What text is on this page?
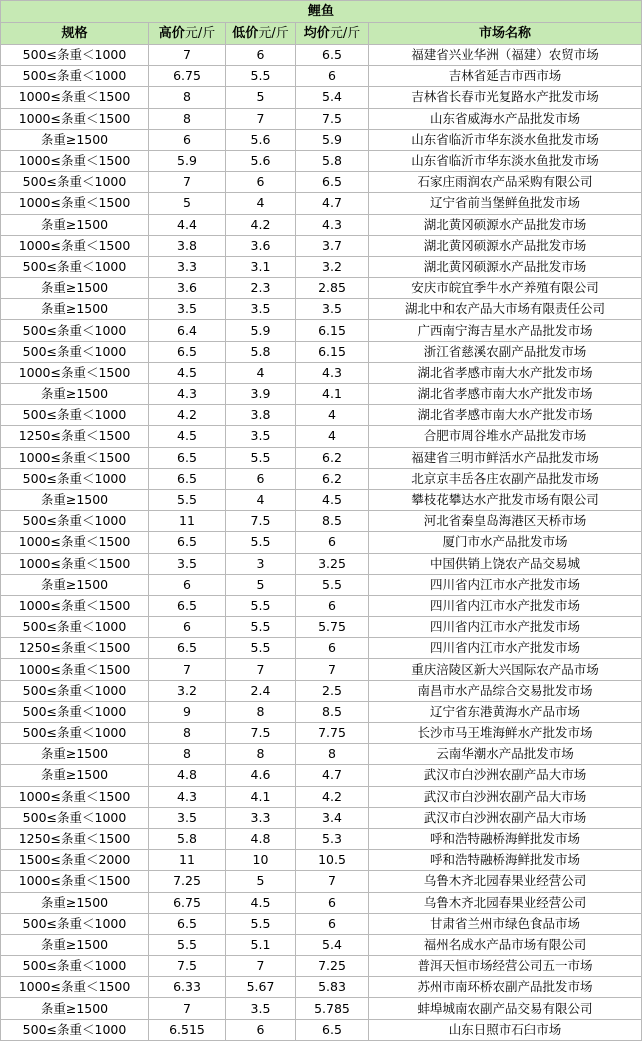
鲤鱼				
规格	高价元/斤	低价元/斤	均价元/斤	市场名称
500≤条重＜1000	7	6	6.5	福建省兴业华洲（福建）农贸市场
500≤条重＜1000	6.75	5.5	6	吉林省延吉市西市场
1000≤条重＜1500	8	5	5.4	吉林省长春市光复路水产批发市场
1000≤条重＜1500	8	7	7.5	山东省威海水产品批发市场
条重≥1500	6	5.6	5.9	山东省临沂市华东淡水鱼批发市场
1000≤条重＜1500	5.9	5.6	5.8	山东省临沂市华东淡水鱼批发市场
500≤条重＜1000	7	6	6.5	石家庄雨润农产品采购有限公司
1000≤条重＜1500	5	4	4.7	辽宁省前当堡鲜鱼批发市场
条重≥1500	4.4	4.2	4.3	湖北黄冈硕源水产品批发市场
1000≤条重＜1500	3.8	3.6	3.7	湖北黄冈硕源水产品批发市场
500≤条重＜1000	3.3	3.1	3.2	湖北黄冈硕源水产品批发市场
条重≥1500	3.6	2.3	2.85	安庆市皖宜季牛水产养殖有限公司
条重≥1500	3.5	3.5	3.5	湖北中和农产品大市场有限责任公司
500≤条重＜1000	6.4	5.9	6.15	广西南宁海吉星水产品批发市场
500≤条重＜1000	6.5	5.8	6.15	浙江省慈溪农副产品批发市场
1000≤条重＜1500	4.5	4	4.3	湖北省孝感市南大水产批发市场
条重≥1500	4.3	3.9	4.1	湖北省孝感市南大水产批发市场
500≤条重＜1000	4.2	3.8	4	湖北省孝感市南大水产批发市场
1250≤条重＜1500	4.5	3.5	4	合肥市周谷堆水产品批发市场
1000≤条重＜1500	6.5	5.5	6.2	福建省三明市鲜活水产品批发市场
500≤条重＜1000	6.5	6	6.2	北京京丰岳各庄农副产品批发市场
条重≥1500	5.5	4	4.5	攀枝花攀达水产批发市场有限公司
500≤条重＜1000	11	7.5	8.5	河北省秦皇岛海港区天桥市场
1000≤条重＜1500	6.5	5.5	6	厦门市水产品批发市场
1000≤条重＜1500	3.5	3	3.25	中国供销上饶农产品交易城
条重≥1500	6	5	5.5	四川省内江市水产批发市场
1000≤条重＜1500	6.5	5.5	6	四川省内江市水产批发市场
500≤条重＜1000	6	5.5	5.75	四川省内江市水产批发市场
1250≤条重＜1500	6.5	5.5	6	四川省内江市水产批发市场
1000≤条重＜1500	7	7	7	重庆涪陵区新大兴国际农产品市场
500≤条重＜1000	3.2	2.4	2.5	南昌市水产品综合交易批发市场
500≤条重＜1000	9	8	8.5	辽宁省东港黄海水产品市场
500≤条重＜1000	8	7.5	7.75	长沙市马王堆海鲜水产批发市场
条重≥1500	8	8	8	云南华潮水产品批发市场
条重≥1500	4.8	4.6	4.7	武汉市白沙洲农副产品大市场
1000≤条重＜1500	4.3	4.1	4.2	武汉市白沙洲农副产品大市场
500≤条重＜1000	3.5	3.3	3.4	武汉市白沙洲农副产品大市场
1250≤条重＜1500	5.8	4.8	5.3	呼和浩特融桥海鲜批发市场
1500≤条重＜2000	11	10	10.5	呼和浩特融桥海鲜批发市场
1000≤条重＜1500	7.25	5	7	乌鲁木齐北园春果业经营公司
条重≥1500	6.75	4.5	6	乌鲁木齐北园春果业经营公司
500≤条重＜1000	6.5	5.5	6	甘肃省兰州市绿色食品市场
条重≥1500	5.5	5.1	5.4	福州名成水产品市场有限公司
500≤条重＜1000	7.5	7	7.25	普洱天恒市场经营公司五一市场
1000≤条重＜1500	6.33	5.67	5.83	苏州市南环桥农副产品批发市场
条重≥1500	7	3.5	5.785	蚌埠城南农副产品交易有限公司
500≤条重＜1000	6.515	6	6.5	山东日照市石臼市场
